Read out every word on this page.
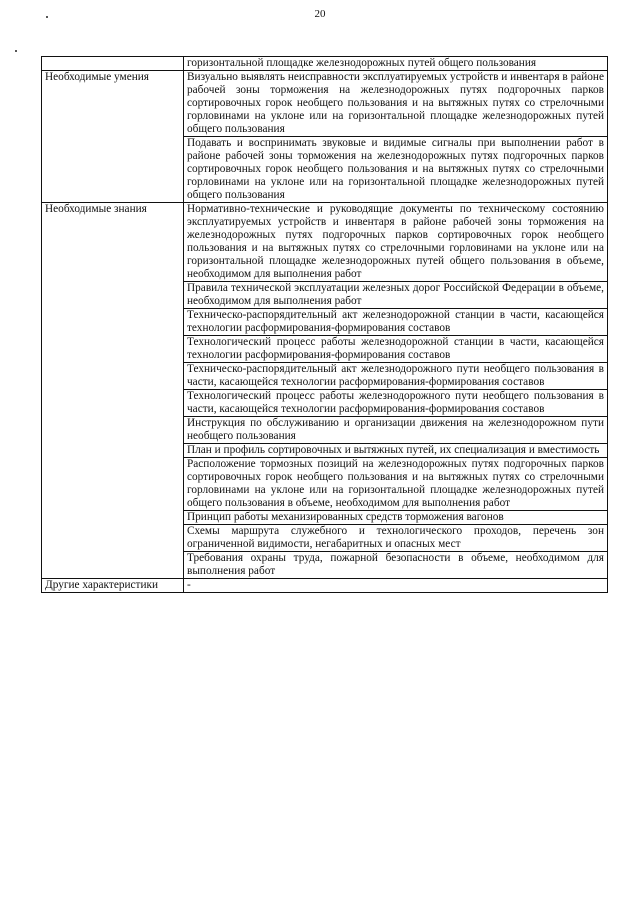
20
	горизонтальной площадке железнодорожных путей общего пользования
Необходимые умения	Визуально выявлять неисправности эксплуатируемых устройств и инвентаря в районе рабочей зоны торможения на железнодорожных путях подгорочных парков сортировочных горок необщего пользования и на вытяжных путях со стрелочными горловинами на уклоне или на горизонтальной площадке железнодорожных путей общего пользования
	Подавать и воспринимать звуковые и видимые сигналы при выполнении работ в районе рабочей зоны торможения на железнодорожных путях подгорочных парков сортировочных горок необщего пользования и на вытяжных путях со стрелочными горловинами на уклоне или на горизонтальной площадке железнодорожных путей общего пользования
Необходимые знания	Нормативно-технические и руководящие документы по техническому состоянию эксплуатируемых устройств и инвентаря в районе рабочей зоны торможения на железнодорожных путях подгорочных парков сортировочных горок необщего пользования и на вытяжных путях со стрелочными горловинами на уклоне или на горизонтальной площадке железнодорожных путей общего пользования в объеме, необходимом для выполнения работ
	Правила технической эксплуатации железных дорог Российской Федерации в объеме, необходимом для выполнения работ
	Техническо-распорядительный акт железнодорожной станции в части, касающейся технологии расформирования-формирования составов
	Технологический процесс работы железнодорожной станции в части, касающейся технологии расформирования-формирования составов
	Техническо-распорядительный акт железнодорожного пути необщего пользования в части, касающейся технологии расформирования-формирования составов
	Технологический процесс работы железнодорожного пути необщего пользования в части, касающейся технологии расформирования-формирования составов
	Инструкция по обслуживанию и организации движения на железнодорожном пути необщего пользования
	План и профиль сортировочных и вытяжных путей, их специализация и вместимость
	Расположение тормозных позиций на железнодорожных путях подгорочных парков сортировочных горок необщего пользования и на вытяжных путях со стрелочными горловинами на уклоне или на горизонтальной площадке железнодорожных путей общего пользования в объеме, необходимом для выполнения работ
	Принцип работы механизированных средств торможения вагонов
	Схемы маршрута служебного и технологического проходов, перечень зон ограниченной видимости, негабаритных и опасных мест
	Требования охраны труда, пожарной безопасности в объеме, необходимом для выполнения работ
Другие характеристики	-
